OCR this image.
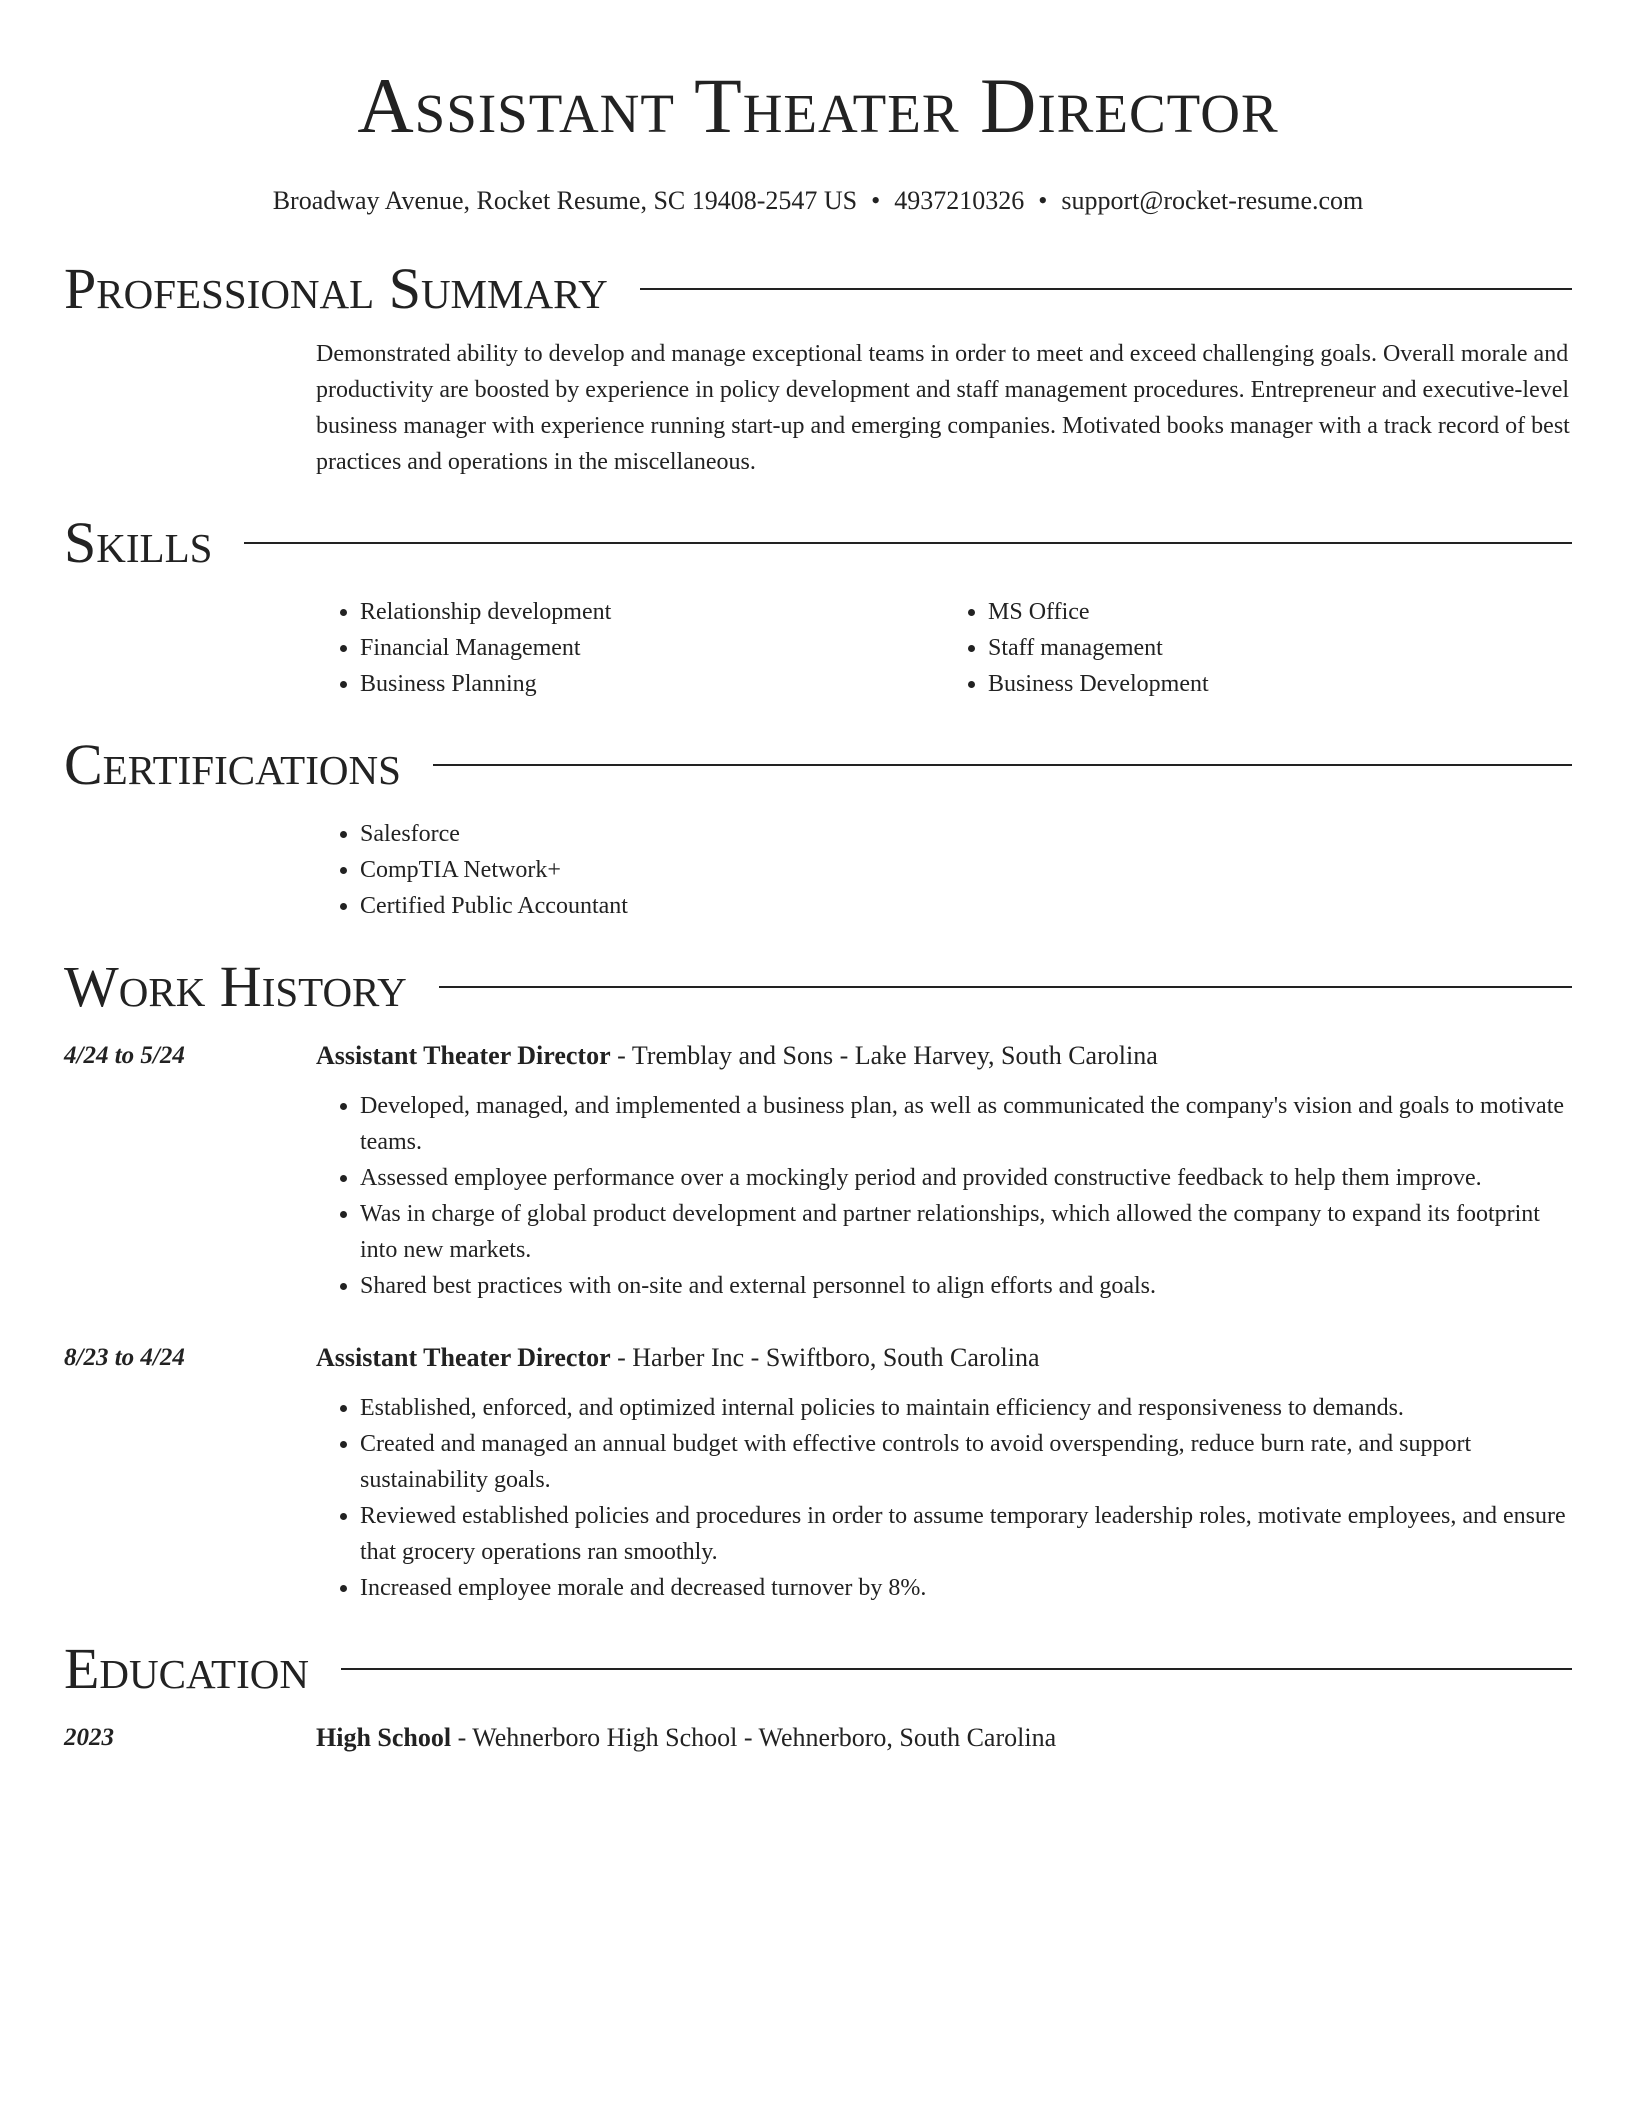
Assistant Theater Director
Broadway Avenue, Rocket Resume, SC 19408-2547 US • 4937210326 • support@rocket-resume.com
Professional Summary

Demonstrated ability to develop and manage exceptional teams in order to meet and exceed challenging goals. Overall morale and productivity are boosted by experience in policy development and staff management procedures. Entrepreneur and executive-level business manager with experience running start-up and emerging companies. Motivated books manager with a track record of best practices and operations in the miscellaneous.

Skills
• Relationship development
• Financial Management
• Business Planning
• MS Office
• Staff management
• Business Development
Certifications
• Salesforce
• CompTIA Network+
• Certified Public Accountant
Work History
4/24 to 5/24	Assistant Theater Director - Tremblay and Sons - Lake Harvey, South Carolina
• Developed, managed, and implemented a business plan, as well as communicated the company's vision and goals to motivate teams.
• Assessed employee performance over a mockingly period and provided constructive feedback to help them improve.
• Was in charge of global product development and partner relationships, which allowed the company to expand its footprint into new markets.
• Shared best practices with on-site and external personnel to align efforts and goals.
8/23 to 4/24	Assistant Theater Director - Harber Inc - Swiftboro, South Carolina
• Established, enforced, and optimized internal policies to maintain efficiency and responsiveness to demands.
• Created and managed an annual budget with effective controls to avoid overspending, reduce burn rate, and support sustainability goals.
• Reviewed established policies and procedures in order to assume temporary leadership roles, motivate employees, and ensure that grocery operations ran smoothly.
• Increased employee morale and decreased turnover by 8%.
Education
2023	High School - Wehnerboro High School - Wehnerboro, South Carolina
